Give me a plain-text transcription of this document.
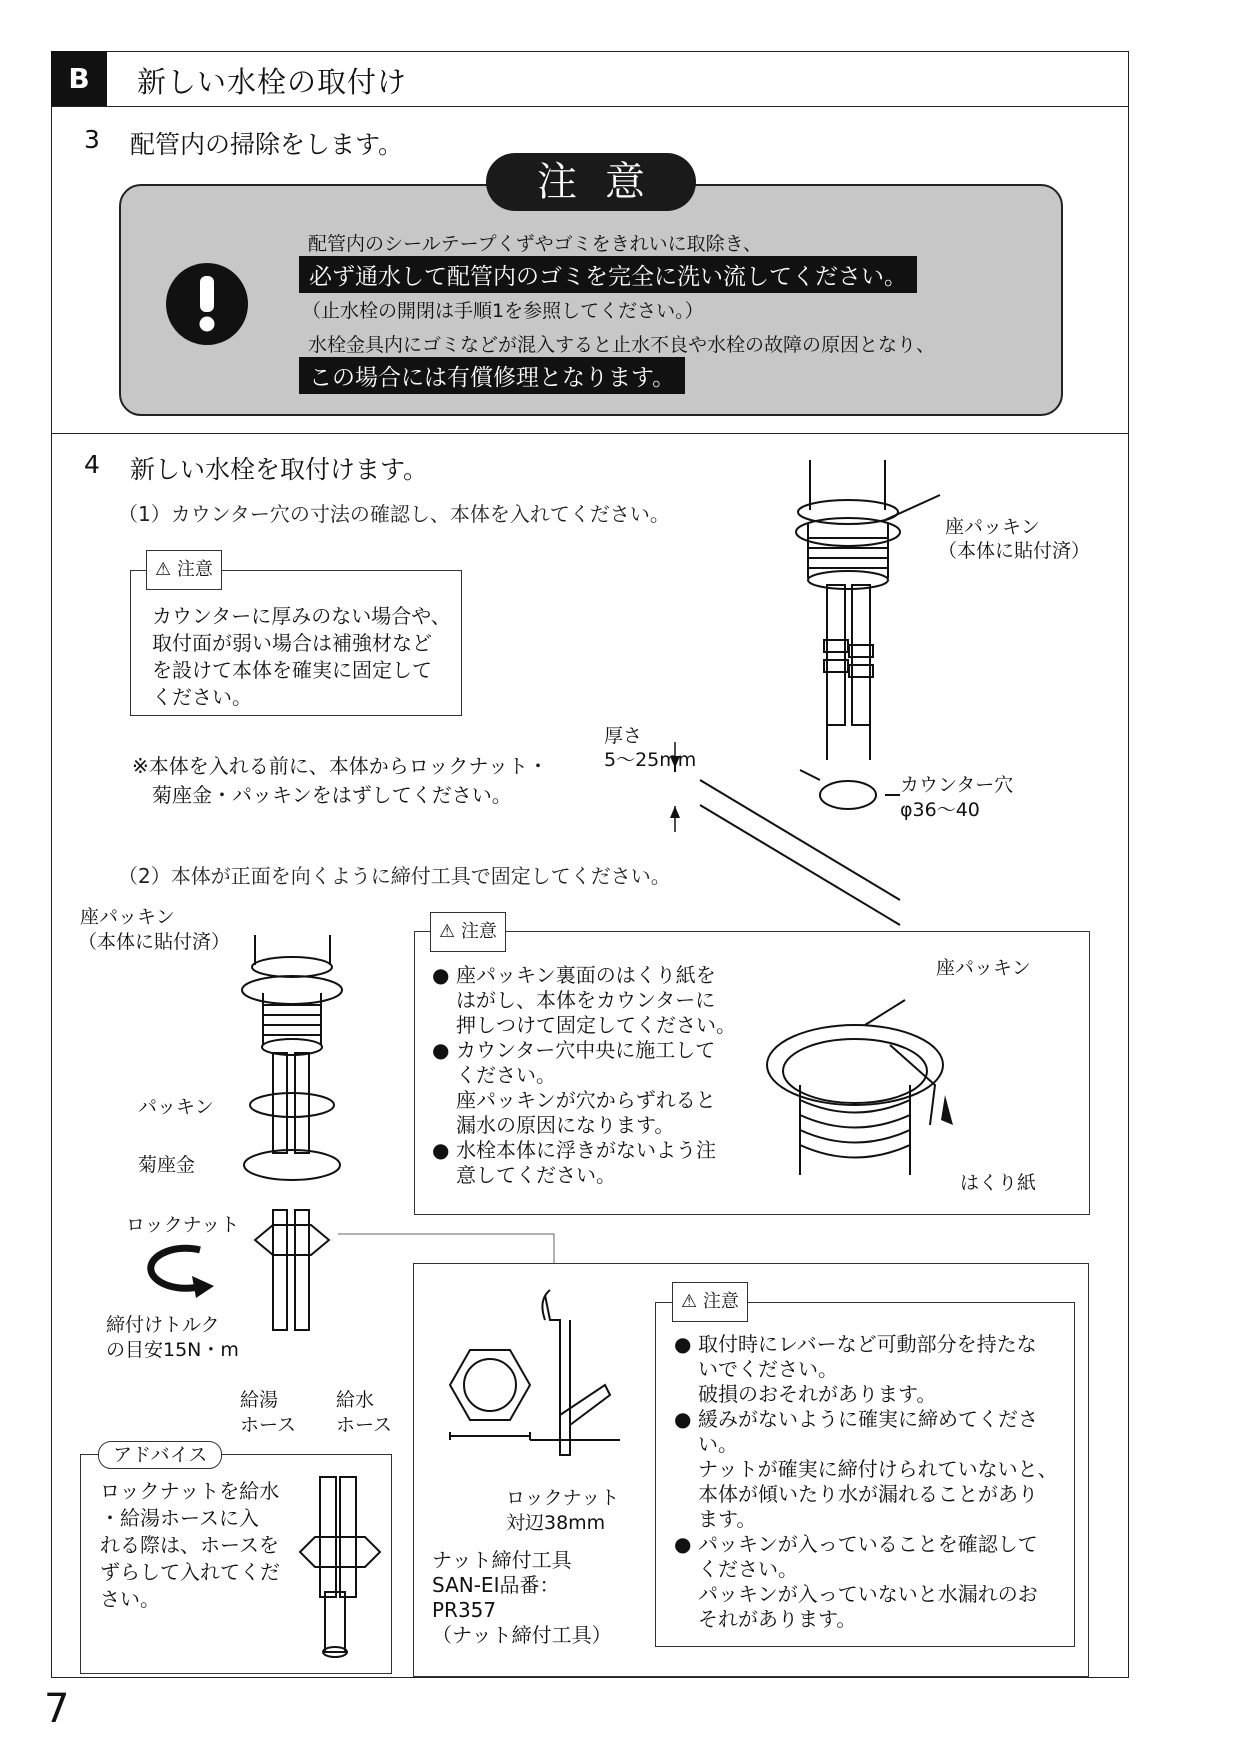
B	新しい水栓の取付け
3 配管内の掃除をします。
注意
配管内のシールテープくずやゴミをきれいに取除き、
必ず通水して配管内のゴミを完全に洗い流してください。
（止水栓の開閉は手順1を参照してください。）
水栓金具内にゴミなどが混入すると止水不良や水栓の故障の原因となり、
この場合には有償修理となります。
4 新しい水栓を取付けます。
（1）カウンター穴の寸法の確認し、本体を入れてください。
⚠ 注意
カウンターに厚みのない場合や、
取付面が弱い場合は補強材など
を設けて本体を確実に固定して
ください。
※本体を入れる前に、本体からロックナット・
菊座金・パッキンをはずしてください。
座パッキン
（本体に貼付済）
厚さ
5〜25mm
カウンター穴
φ36〜40
（2）本体が正面を向くように締付工具で固定してください。
座パッキン
（本体に貼付済）
パッキン
菊座金
ロックナット
締付けトルク
の目安15N・m
給湯
ホース
給水
ホース
⚠ 注意
● 座パッキン裏面のはくり紙を
はがし、本体をカウンターに
押しつけて固定してください。
● カウンター穴中央に施工して
ください。
座パッキンが穴からずれると
漏水の原因になります。
● 水栓本体に浮きがないよう注
意してください。
座パッキン
はくり紙
アドバイス
ロックナットを給水
・給湯ホースに入
れる際は、ホースを
ずらして入れてくだ
さい。
ロックナット
対辺38mm
ナット締付工具
SAN-EI品番：
PR357
（ナット締付工具）
⚠ 注意
● 取付時にレバーなど可動部分を持たな
いでください。
破損のおそれがあります。
● 緩みがないように確実に締めてくださ
い。
ナットが確実に締付けられていないと、
本体が傾いたり水が漏れることがあり
ます。
● パッキンが入っていることを確認して
ください。
パッキンが入っていないと水漏れのお
それがあります。
7
